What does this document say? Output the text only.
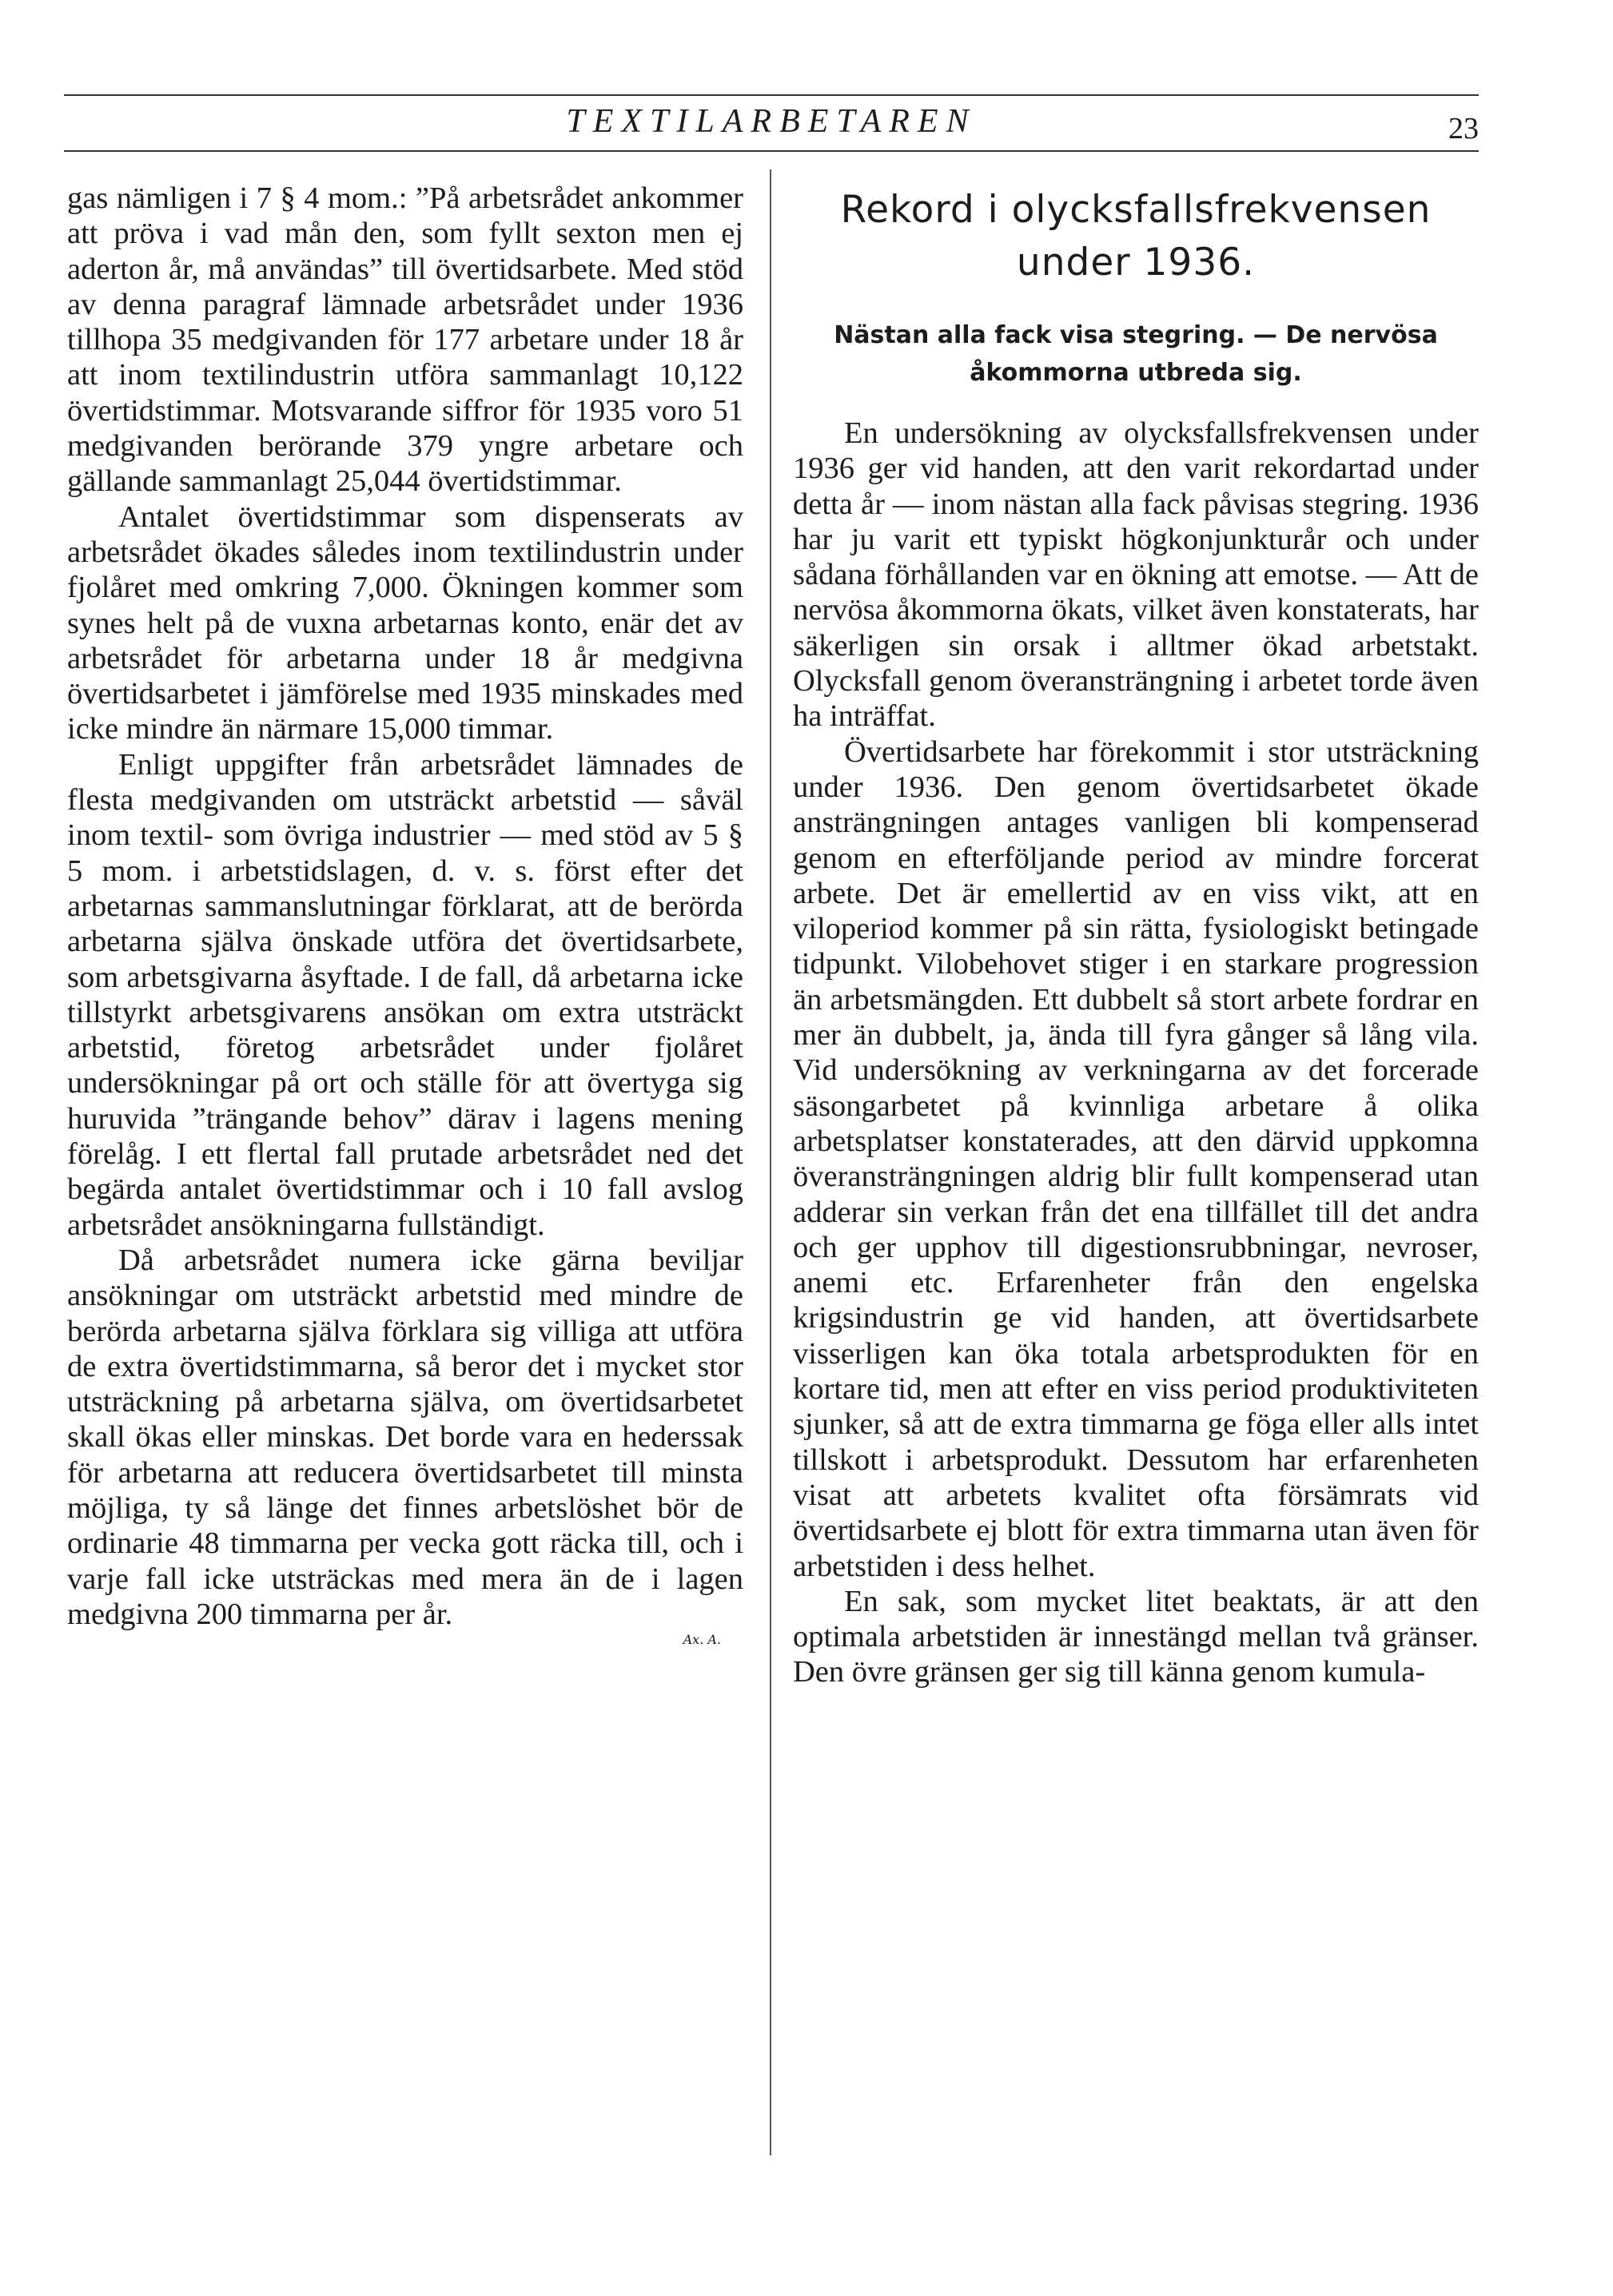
TEXTILARBETAREN	23

gas nämligen i 7 § 4 mom.: ”På arbetsrådet ankommer att pröva i vad mån den, som fyllt sexton men ej aderton år, må användas” till övertidsarbete. Med stöd av denna paragraf lämnade arbetsrådet under 1936 tillhopa 35 medgivanden för 177 arbetare under 18 år att inom textilindustrin utföra sammanlagt 10,122 övertidstimmar. Motsvarande siffror för 1935 voro 51 medgivanden berörande 379 yngre arbetare och gällande sammanlagt 25,044 övertidstimmar.

Antalet övertidstimmar som dispenserats av arbetsrådet ökades således inom textilindustrin under fjolåret med omkring 7,000. Ökningen kommer som synes helt på de vuxna arbetarnas konto, enär det av arbetsrådet för arbetarna under 18 år medgivna övertidsarbetet i jämförelse med 1935 minskades med icke mindre än närmare 15,000 timmar.

Enligt uppgifter från arbetsrådet lämnades de flesta medgivanden om utsträckt arbetstid — såväl inom textil- som övriga industrier — med stöd av 5 § 5 mom. i arbetstidslagen, d. v. s. först efter det arbetarnas sammanslutningar förklarat, att de berörda arbetarna själva önskade utföra det övertidsarbete, som arbetsgivarna åsyftade. I de fall, då arbetarna icke tillstyrkt arbetsgivarens ansökan om extra utsträckt arbetstid, företog arbetsrådet under fjolåret undersökningar på ort och ställe för att övertyga sig huruvida ”trängande behov” därav i lagens mening förelåg. I ett flertal fall prutade arbetsrådet ned det begärda antalet övertidstimmar och i 10 fall avslog arbetsrådet ansökningarna fullständigt.

Då arbetsrådet numera icke gärna beviljar ansökningar om utsträckt arbetstid med mindre de berörda arbetarna själva förklara sig villiga att utföra de extra övertidstimmarna, så beror det i mycket stor utsträckning på arbetarna själva, om övertidsarbetet skall ökas eller minskas. Det borde vara en hederssak för arbetarna att reducera övertidsarbetet till minsta möjliga, ty så länge det finnes arbetslöshet bör de ordinarie 48 timmarna per vecka gott räcka till, och i varje fall icke utsträckas med mera än de i lagen medgivna 200 timmarna per år.

Ax. A.
Rekord i olycksfallsfrekvensen under 1936.
Nästan alla fack visa stegring. — De nervösa åkommorna utbreda sig.

En undersökning av olycksfallsfrekvensen under 1936 ger vid handen, att den varit rekordartad under detta år — inom nästan alla fack påvisas stegring. 1936 har ju varit ett typiskt högkonjunkturår och under sådana förhållanden var en ökning att emotse. — Att de nervösa åkommorna ökats, vilket även konstaterats, har säkerligen sin orsak i alltmer ökad arbetstakt. Olycksfall genom överansträngning i arbetet torde även ha inträffat.

Övertidsarbete har förekommit i stor utsträckning under 1936. Den genom övertidsarbetet ökade ansträngningen antages vanligen bli kompenserad genom en efterföljande period av mindre forcerat arbete. Det är emellertid av en viss vikt, att en viloperiod kommer på sin rätta, fysiologiskt betingade tidpunkt. Vilobehovet stiger i en starkare progression än arbetsmängden. Ett dubbelt så stort arbete fordrar en mer än dubbelt, ja, ända till fyra gånger så lång vila. Vid undersökning av verkningarna av det forcerade säsongarbetet på kvinnliga arbetare å olika arbetsplatser konstaterades, att den därvid uppkomna överansträngningen aldrig blir fullt kompenserad utan adderar sin verkan från det ena tillfället till det andra och ger upphov till digestionsrubbningar, nevroser, anemi etc. Erfarenheter från den engelska krigsindustrin ge vid handen, att övertidsarbete visserligen kan öka totala arbetsprodukten för en kortare tid, men att efter en viss period produktiviteten sjunker, så att de extra timmarna ge föga eller alls intet tillskott i arbetsprodukt. Dessutom har erfarenheten visat att arbetets kvalitet ofta försämrats vid övertidsarbete ej blott för extra timmarna utan även för arbetstiden i dess helhet.

En sak, som mycket litet beaktats, är att den optimala arbetstiden är innestängd mellan två gränser. Den övre gränsen ger sig till känna genom kumula-
